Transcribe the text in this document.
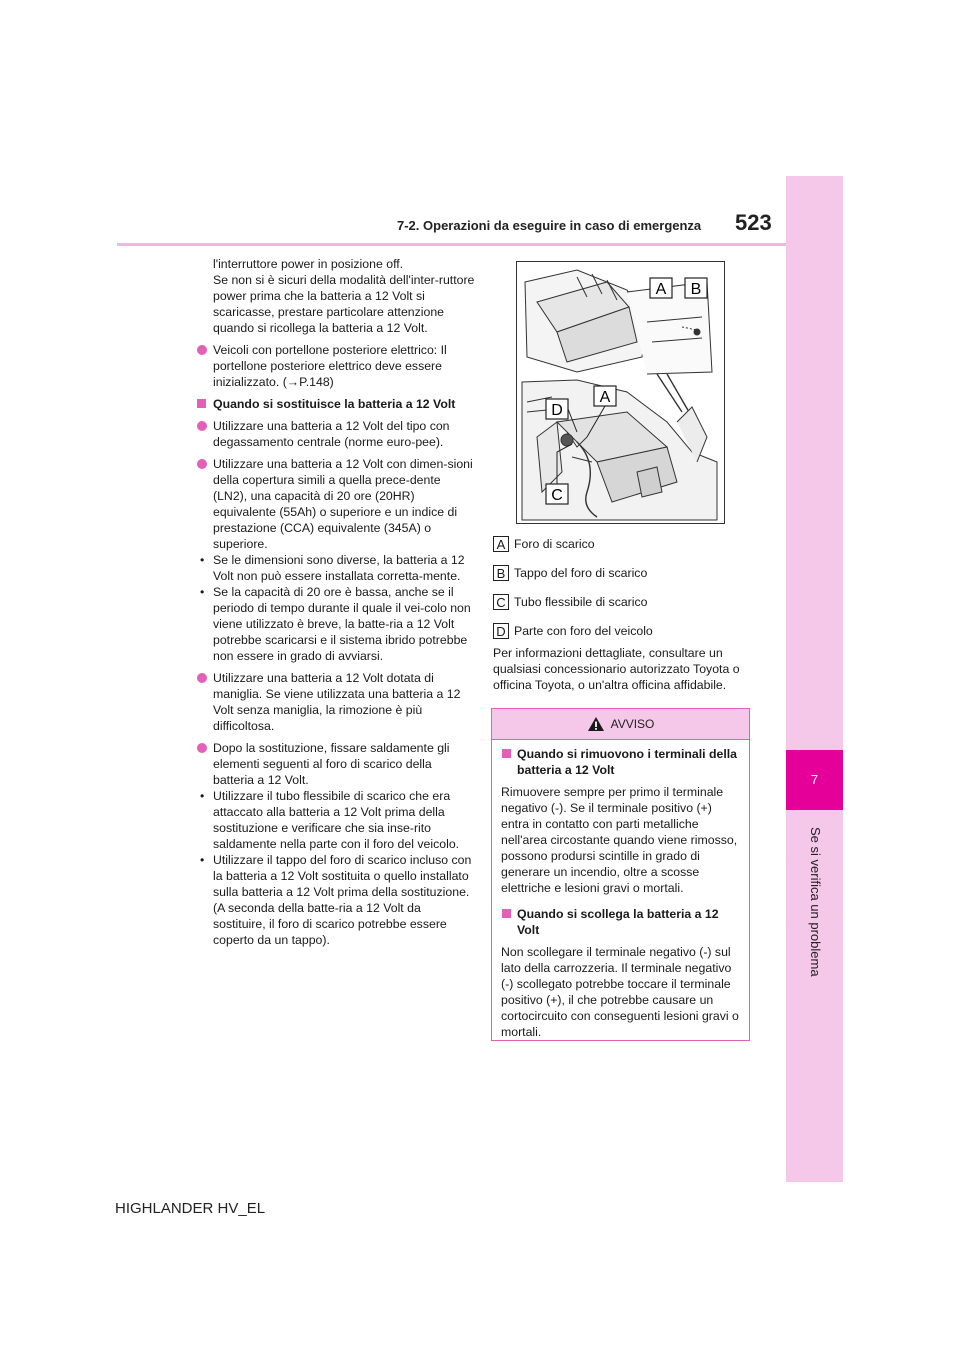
7-2. Operazioni da eseguire in caso di emergenza 523
7
Se si verifica un problema

l'interruttore power in posizione off.
Se non si è sicuri della modalità dell'inter-ruttore power prima che la batteria a 12 Volt si scaricasse, prestare particolare attenzione quando si ricollega la batteria a 12 Volt.

Veicoli con portellone posteriore elettrico: Il portellone posteriore elettrico deve essere inizializzato. (→P.148)
Quando si sostituisce la batteria a 12 Volt
Utilizzare una batteria a 12 Volt del tipo con degassamento centrale (norme euro-pee).
Utilizzare una batteria a 12 Volt con dimen-sioni della copertura simili a quella prece-dente (LN2), una capacità di 20 ore (20HR) equivalente (55Ah) o superiore e un indice di prestazione (CCA) equivalente (345A) o superiore.
• Se le dimensioni sono diverse, la batteria a 12 Volt non può essere installata corretta-mente.
• Se la capacità di 20 ore è bassa, anche se il periodo di tempo durante il quale il vei-colo non viene utilizzato è breve, la batte-ria a 12 Volt potrebbe scaricarsi e il sistema ibrido potrebbe non essere in grado di avviarsi.
Utilizzare una batteria a 12 Volt dotata di maniglia. Se viene utilizzata una batteria a 12 Volt senza maniglia, la rimozione è più difficoltosa.
Dopo la sostituzione, fissare saldamente gli elementi seguenti al foro di scarico della batteria a 12 Volt.
• Utilizzare il tubo flessibile di scarico che era attaccato alla batteria a 12 Volt prima della sostituzione e verificare che sia inse-rito saldamente nella parte con il foro del veicolo.
• Utilizzare il tappo del foro di scarico incluso con la batteria a 12 Volt sostituita o quello installato sulla batteria a 12 Volt prima della sostituzione. (A seconda della batte-ria a 12 Volt da sostituire, il foro di scarico potrebbe essere coperto da un tappo).
A B
A
D
C
A Foro di scarico
B Tappo del foro di scarico
C Tubo flessibile di scarico
D Parte con foro del veicolo
Per informazioni dettagliate, consultare un qualsiasi concessionario autorizzato Toyota o officina Toyota, o un'altra officina affidabile.
AVVISO
Quando si rimuovono i terminali della batteria a 12 Volt

Rimuovere sempre per primo il terminale negativo (-). Se il terminale positivo (+) entra in contatto con parti metalliche nell'area circostante quando viene rimosso, possono prodursi scintille in grado di generare un incendio, oltre a scosse elettriche e lesioni gravi o mortali.

Quando si scollega la batteria a 12 Volt

Non scollegare il terminale negativo (-) sul lato della carrozzeria. Il terminale negativo (-) scollegato potrebbe toccare il terminale positivo (+), il che potrebbe causare un cortocircuito con conseguenti lesioni gravi o mortali.

HIGHLANDER HV_EL
